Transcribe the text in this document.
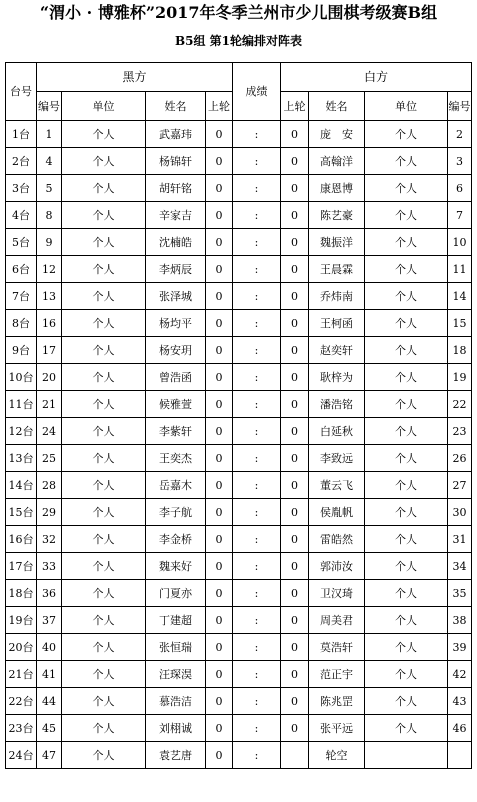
“渭小 · 博雅杯”2017年冬季兰州市少儿围棋考级赛B组
B5组 第1轮编排对阵表
台号	黑方				成绩	白方			
	编号	单位	姓名	上轮		上轮	姓名	单位	编号
1台	1	个人	武嘉玮	0	:	0	庞　安	个人	2
2台	4	个人	杨锦轩	0	:	0	高翰洋	个人	3
3台	5	个人	胡轩铭	0	:	0	康恩博	个人	6
4台	8	个人	辛家吉	0	:	0	陈艺豪	个人	7
5台	9	个人	沈楠皓	0	:	0	魏振洋	个人	10
6台	12	个人	李炳辰	0	:	0	王晨霖	个人	11
7台	13	个人	张泽城	0	:	0	乔炜南	个人	14
8台	16	个人	杨均平	0	:	0	王柯函	个人	15
9台	17	个人	杨安玥	0	:	0	赵奕轩	个人	18
10台	20	个人	曾浩函	0	:	0	耿梓为	个人	19
11台	21	个人	候雅萱	0	:	0	潘浩铭	个人	22
12台	24	个人	李紫轩	0	:	0	白延秋	个人	23
13台	25	个人	王奕杰	0	:	0	李致远	个人	26
14台	28	个人	岳嘉木	0	:	0	董云飞	个人	27
15台	29	个人	李子航	0	:	0	侯胤帆	个人	30
16台	32	个人	李金桥	0	:	0	雷皓然	个人	31
17台	33	个人	魏来好	0	:	0	郭沛汝	个人	34
18台	36	个人	门夏亦	0	:	0	卫汉琦	个人	35
19台	37	个人	丁建超	0	:	0	周美君	个人	38
20台	40	个人	张恒瑞	0	:	0	莫浩轩	个人	39
21台	41	个人	汪琛淏	0	:	0	范正宇	个人	42
22台	44	个人	慕浩洁	0	:	0	陈兆罡	个人	43
23台	45	个人	刘栩诚	0	:	0	张平远	个人	46
24台	47	个人	袁艺唐	0	:		轮空		
